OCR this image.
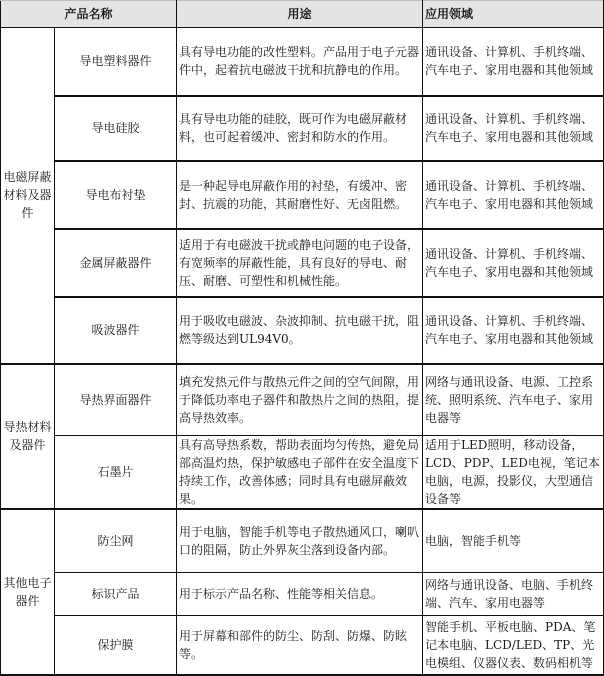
产品名称		用途	应用领域
电磁屏蔽材料及器件	导电塑料器件	具有导电功能的改性塑料。产品用于电子元器件中，起着抗电磁波干扰和抗静电的作用。	通讯设备、计算机、手机终端、汽车电子、家用电器和其他领域
	导电硅胶	具有导电功能的硅胶，既可作为电磁屏蔽材料，也可起着缓冲、密封和防水的作用。	通讯设备、计算机、手机终端、汽车电子、家用电器和其他领域
	导电布衬垫	是一种起导电屏蔽作用的衬垫，有缓冲、密封、抗震的功能，其耐磨性好、无卤阻燃。	通讯设备、计算机、手机终端、汽车电子、家用电器和其他领域
	金属屏蔽器件	适用于有电磁波干扰或静电问题的电子设备，有宽频率的屏蔽性能，具有良好的导电、耐压、耐磨、可塑性和机械性能。	通讯设备、计算机、手机终端、汽车电子、家用电器和其他领域
	吸波器件	用于吸收电磁波、杂波抑制、抗电磁干扰，阻燃等级达到UL94V0。	通讯设备、计算机、手机终端、汽车电子、家用电器和其他领域
导热材料及器件	导热界面器件	填充发热元件与散热元件之间的空气间隙，用于降低功率电子器件和散热片之间的热阻，提高导热效率。	网络与通讯设备、电源、工控系统、照明系统、汽车电子、家用电器等
	石墨片	具有高导热系数，帮助表面均匀传热，避免局部高温灼热，保护敏感电子部件在安全温度下持续工作，改善体感；同时具有电磁屏蔽效果。	适用于LED照明，移动设备，LCD、PDP、LED电视，笔记本电脑，电源，投影仪，大型通信设备等
其他电子器件	防尘网	用于电脑，智能手机等电子散热通风口，喇叭口的阻隔，防止外界灰尘落到设备内部。	电脑，智能手机等
	标识产品	用于标示产品名称、性能等相关信息。	网络与通讯设备、电脑、手机终端、汽车、家用电器等
	保护膜	用于屏幕和部件的防尘、防刮、防爆、防眩等。	智能手机、平板电脑、PDA、笔记本电脑、LCD/LED、TP、光电模组、仪器仪表、数码相机等
